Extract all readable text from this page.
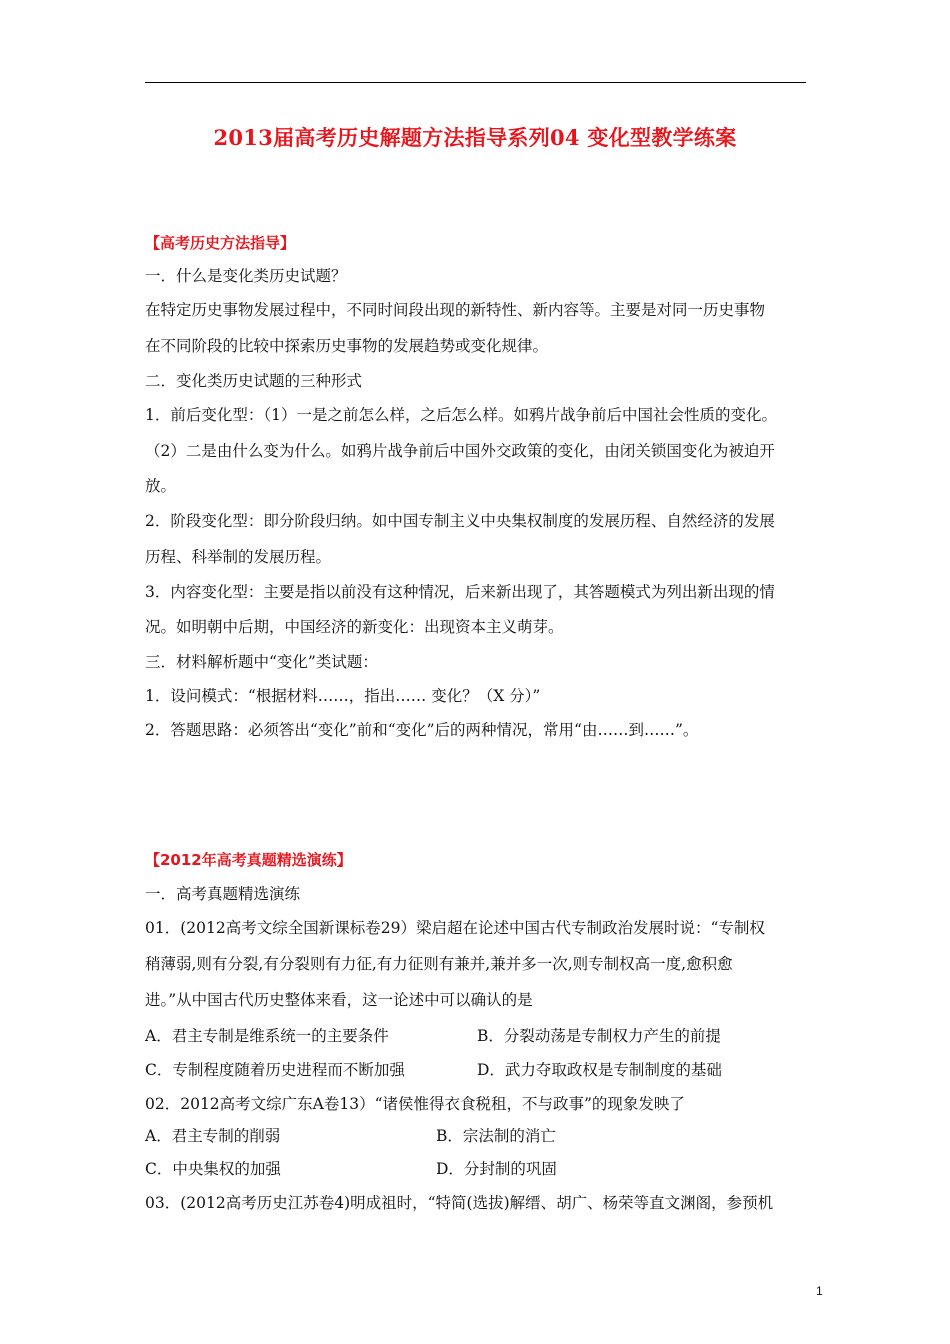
2013届高考历史解题方法指导系列04 变化型教学练案
【高考历史方法指导】
一．什么是变化类历史试题？
在特定历史事物发展过程中，不同时间段出现的新特性、新内容等。主要是对同一历史事物
在不同阶段的比较中探索历史事物的发展趋势或变化规律。
二．变化类历史试题的三种形式
1．前后变化型：（1）一是之前怎么样，之后怎么样。如鸦片战争前后中国社会性质的变化。
（2）二是由什么变为什么。如鸦片战争前后中国外交政策的变化，由闭关锁国变化为被迫开
放。
2．阶段变化型：即分阶段归纳。如中国专制主义中央集权制度的发展历程、自然经济的发展
历程、科举制的发展历程。
3．内容变化型：主要是指以前没有这种情况，后来新出现了，其答题模式为列出新出现的情
况。如明朝中后期，中国经济的新变化：出现资本主义萌芽。
三．材料解析题中“变化”类试题：
1．设问模式：“根据材料……，指出…… 变化？（X 分）”
2．答题思路：必须答出“变化”前和“变化”后的两种情况，常用“由……到……”。
【2012年高考真题精选演练】
一．高考真题精选演练
01．(2012高考文综全国新课标卷29）梁启超在论述中国古代专制政治发展时说：“专制权
稍薄弱,则有分裂,有分裂则有力征,有力征则有兼并,兼并多一次,则专制权高一度,愈积愈
进。”从中国古代历史整体来看，这一论述中可以确认的是
A．君主专制是维系统一的主要条件	B．分裂动荡是专制权力产生的前提
C．专制程度随着历史进程而不断加强	D．武力夺取政权是专制制度的基础
02．2012高考文综广东A卷13）“诸侯惟得衣食税租，不与政事”的现象发映了
A．君主专制的削弱	B．宗法制的消亡
C．中央集权的加强	D．分封制的巩固
03．(2012高考历史江苏卷4)明成祖时，“特简(选拔)解缙、胡广、杨荣等直文渊阁，参预机
1
